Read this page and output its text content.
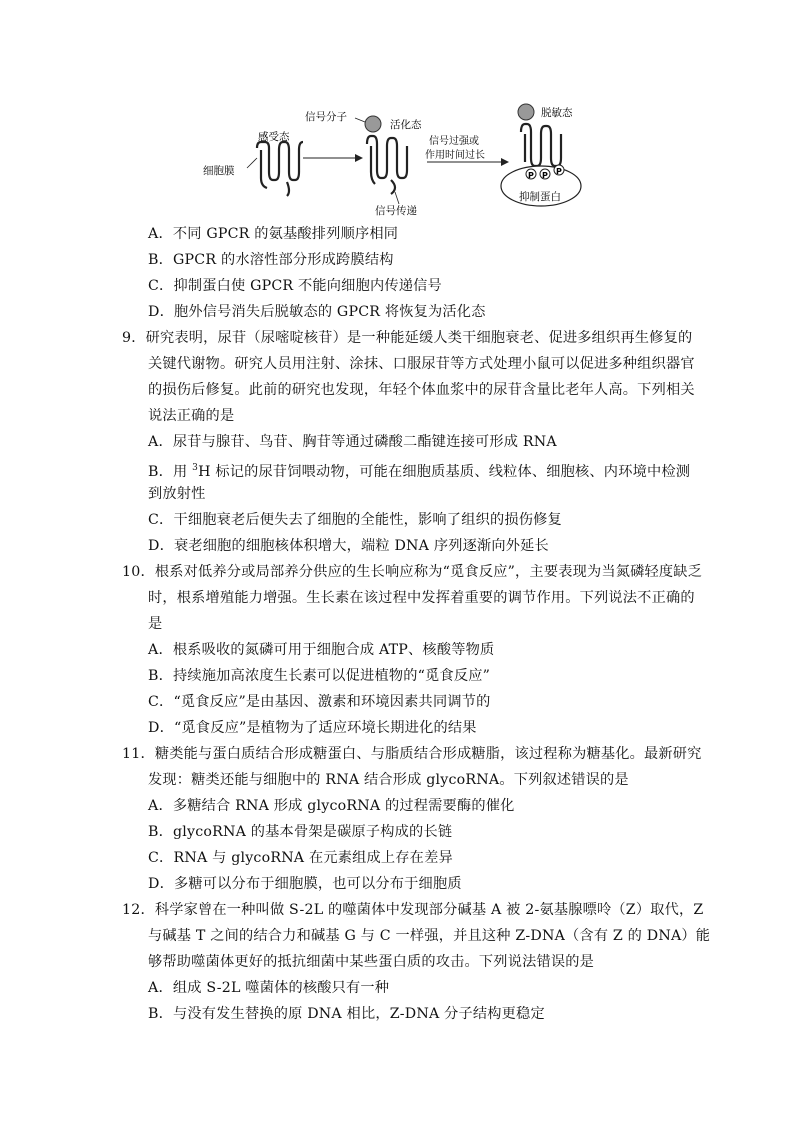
感受态
细胞膜
信号分子
活化态
信号传递
信号过强或
作用时间过长
脱敏态
P P P
抑制蛋白
A．不同 GPCR 的氨基酸排列顺序相同
B．GPCR 的水溶性部分形成跨膜结构
C．抑制蛋白使 GPCR 不能向细胞内传递信号
D．胞外信号消失后脱敏态的 GPCR 将恢复为活化态
9．研究表明，尿苷（尿嘧啶核苷）是一种能延缓人类干细胞衰老、促进多组织再生修复的
关键代谢物。研究人员用注射、涂抹、口服尿苷等方式处理小鼠可以促进多种组织器官
的损伤后修复。此前的研究也发现，年轻个体血浆中的尿苷含量比老年人高。下列相关
说法正确的是
A．尿苷与腺苷、鸟苷、胸苷等通过磷酸二酯键连接可形成 RNA
B．用 $^3$H 标记的尿苷饲喂动物，可能在细胞质基质、线粒体、细胞核、内环境中检测
到放射性
C．干细胞衰老后便失去了细胞的全能性，影响了组织的损伤修复
D．衰老细胞的细胞核体积增大，端粒 DNA 序列逐渐向外延长
10．根系对低养分或局部养分供应的生长响应称为“觅食反应”，主要表现为当氮磷轻度缺乏
时，根系增殖能力增强。生长素在该过程中发挥着重要的调节作用。下列说法不正确的
是
A．根系吸收的氮磷可用于细胞合成 ATP、核酸等物质
B．持续施加高浓度生长素可以促进植物的“觅食反应”
C．“觅食反应”是由基因、激素和环境因素共同调节的
D．“觅食反应”是植物为了适应环境长期进化的结果
11．糖类能与蛋白质结合形成糖蛋白、与脂质结合形成糖脂，该过程称为糖基化。最新研究
发现：糖类还能与细胞中的 RNA 结合形成 glycoRNA。下列叙述错误的是
A．多糖结合 RNA 形成 glycoRNA 的过程需要酶的催化
B．glycoRNA 的基本骨架是碳原子构成的长链
C．RNA 与 glycoRNA 在元素组成上存在差异
D．多糖可以分布于细胞膜，也可以分布于细胞质
12．科学家曾在一种叫做 S-2L 的噬菌体中发现部分碱基 A 被 2-氨基腺嘌呤（Z）取代，Z
与碱基 T 之间的结合力和碱基 G 与 C 一样强，并且这种 Z-DNA（含有 Z 的 DNA）能
够帮助噬菌体更好的抵抗细菌中某些蛋白质的攻击。下列说法错误的是
A．组成 S-2L 噬菌体的核酸只有一种
B．与没有发生替换的原 DNA 相比，Z-DNA 分子结构更稳定
